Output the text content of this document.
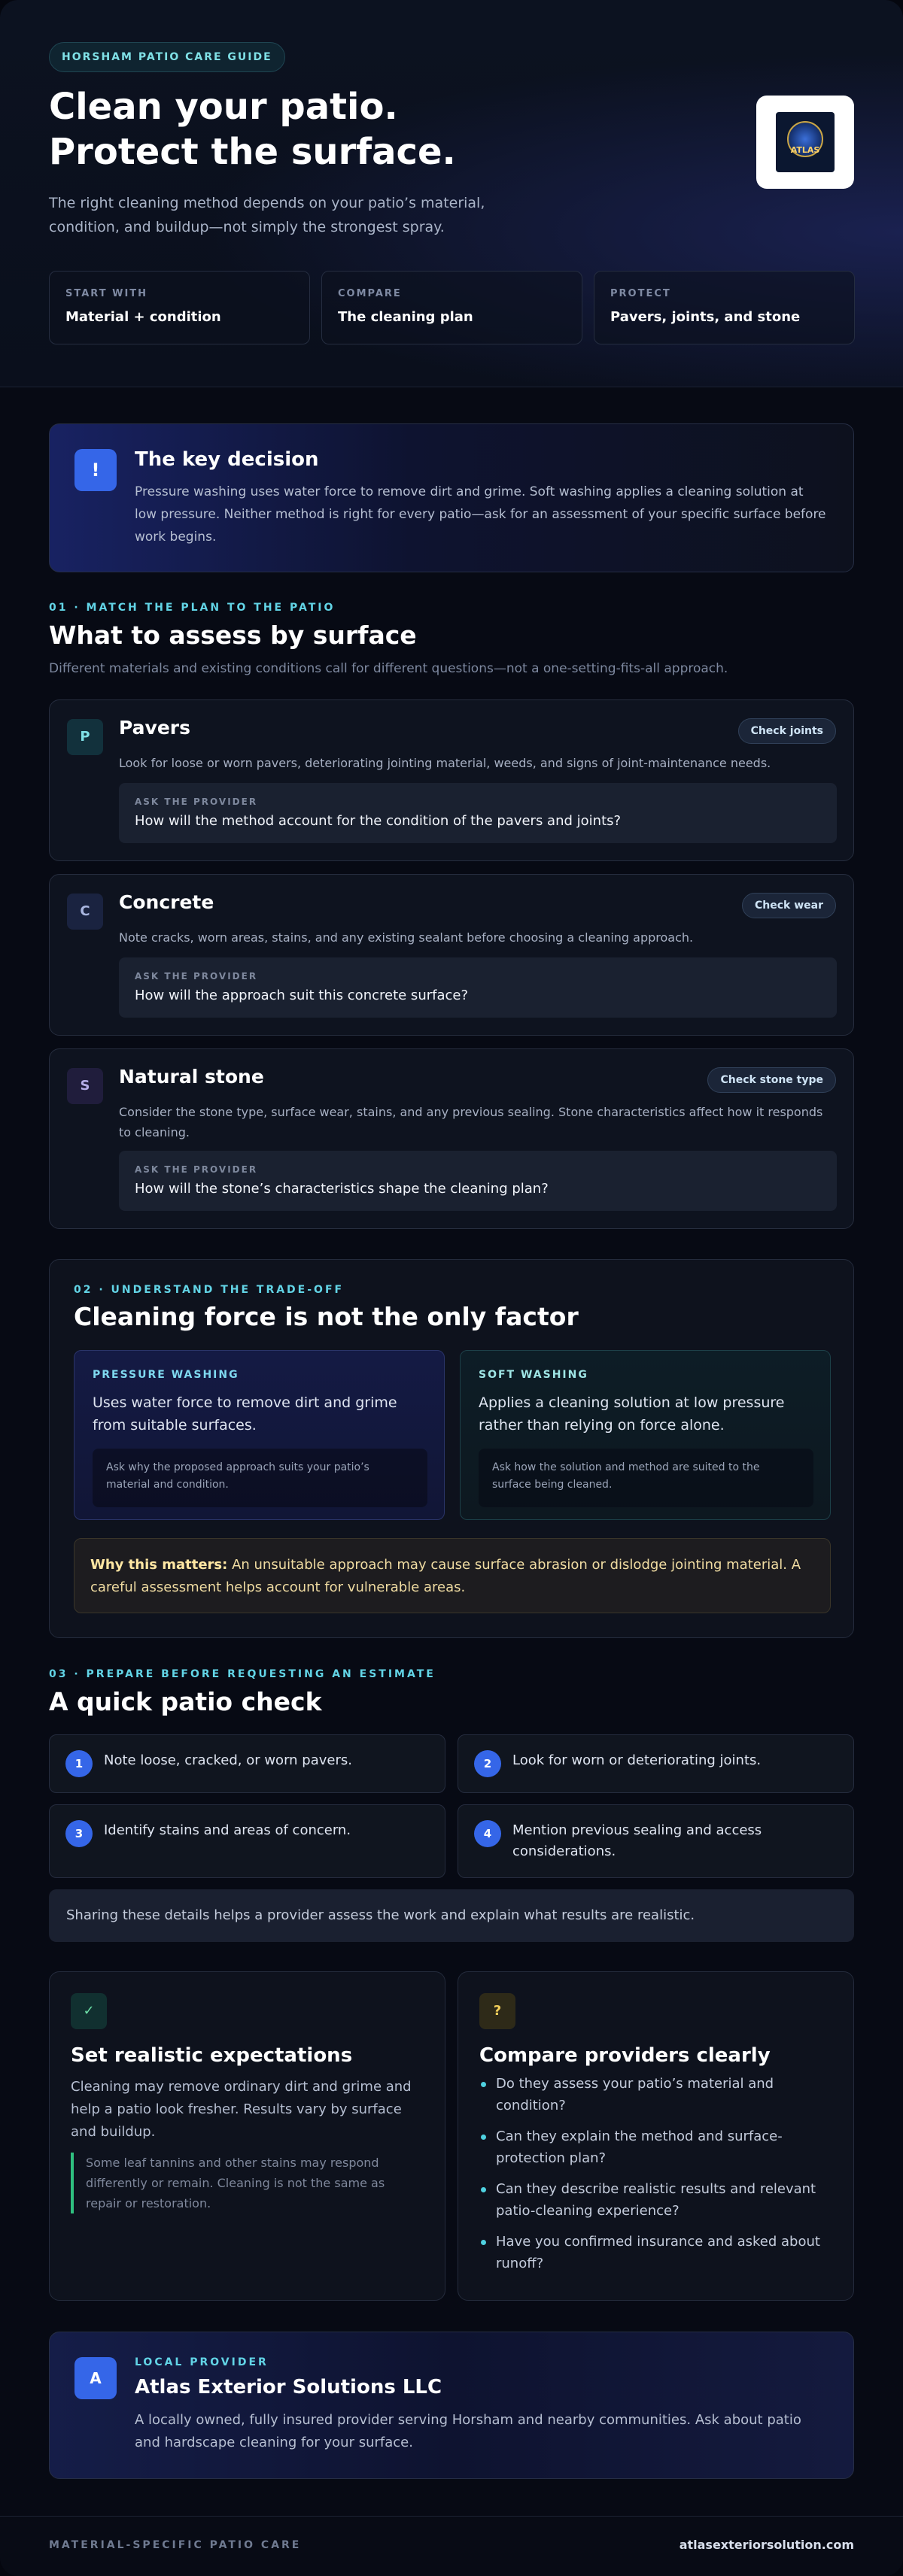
HORSHAM PATIO CARE GUIDE
Clean your patio.
Protect the surface.
The right cleaning method depends on your patio’s material, condition, and buildup—not simply the strongest spray.
ATLAS
START WITH
Material + condition
COMPARE
The cleaning plan
PROTECT
Pavers, joints, and stone
!	The key decision
Pressure washing uses water force to remove dirt and grime. Soft washing applies a cleaning solution at low pressure. Neither method is right for every patio—ask for an assessment of your specific surface before work begins.
01 · MATCH THE PLAN TO THE PATIO
What to assess by surface
Different materials and existing conditions call for different questions—not a one-setting-fits-all approach.
P	Pavers	Check joints
Look for loose or worn pavers, deteriorating jointing material, weeds, and signs of joint-maintenance needs.
ASK THE PROVIDER
How will the method account for the condition of the pavers and joints?
C	Concrete	Check wear
Note cracks, worn areas, stains, and any existing sealant before choosing a cleaning approach.
ASK THE PROVIDER
How will the approach suit this concrete surface?
S	Natural stone	Check stone type
Consider the stone type, surface wear, stains, and any previous sealing. Stone characteristics affect how it responds to cleaning.
ASK THE PROVIDER
How will the stone’s characteristics shape the cleaning plan?
02 · UNDERSTAND THE TRADE-OFF
Cleaning force is not the only factor
PRESSURE WASHING
Uses water force to remove dirt and grime from suitable surfaces.
Ask why the proposed approach suits your patio’s material and condition.
SOFT WASHING
Applies a cleaning solution at low pressure rather than relying on force alone.
Ask how the solution and method are suited to the surface being cleaned.
Why this matters: An unsuitable approach may cause surface abrasion or dislodge jointing material. A careful assessment helps account for vulnerable areas.
03 · PREPARE BEFORE REQUESTING AN ESTIMATE
A quick patio check
1	Note loose, cracked, or worn pavers.	2	Look for worn or deteriorating joints.
3	Identify stains and areas of concern.	4	Mention previous sealing and access considerations.
Sharing these details helps a provider assess the work and explain what results are realistic.
✓
Set realistic expectations
Cleaning may remove ordinary dirt and grime and help a patio look fresher. Results vary by surface and buildup.
Some leaf tannins and other stains may respond differently or remain. Cleaning is not the same as repair or restoration.
?
Compare providers clearly
Do they assess your patio’s material and condition?
Can they explain the method and surface-protection plan?
Can they describe realistic results and relevant patio-cleaning experience?
Have you confirmed insurance and asked about runoff?
A
LOCAL PROVIDER
Atlas Exterior Solutions LLC
A locally owned, fully insured provider serving Horsham and nearby communities. Ask about patio and hardscape cleaning for your surface.
MATERIAL-SPECIFIC PATIO CARE	atlasexteriorsolution.com
